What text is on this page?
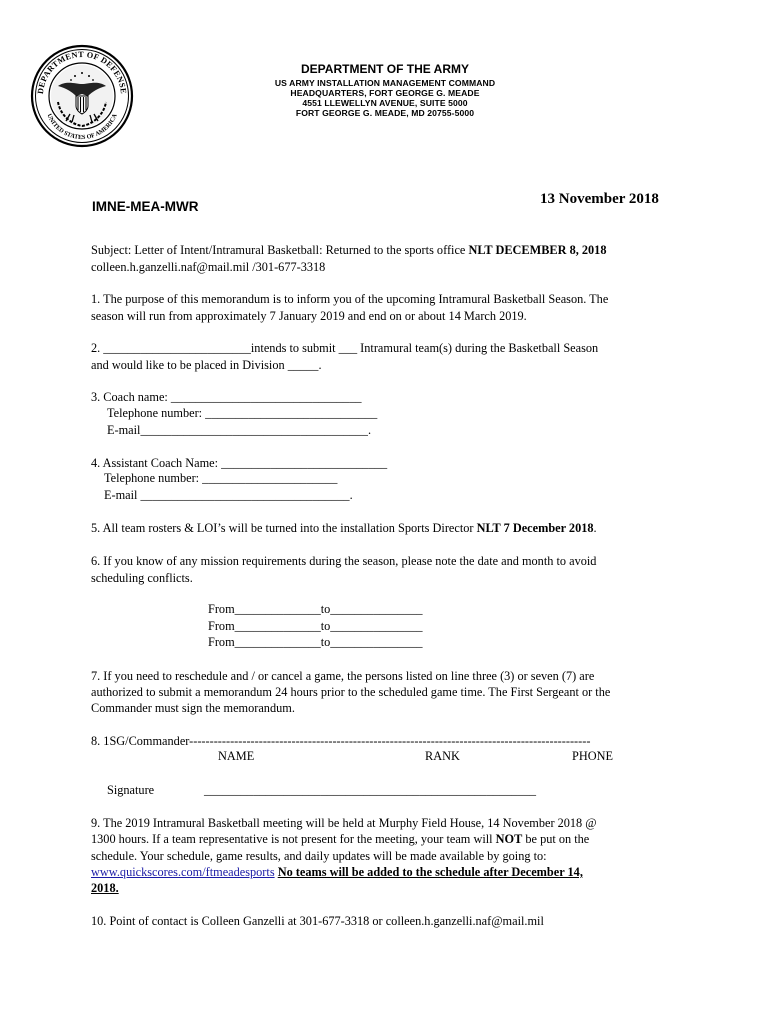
DEPARTMENT OF DEFENSE
UNITED STATES OF AMERICA
DEPARTMENT OF THE ARMY
US ARMY INSTALLATION MANAGEMENT COMMAND
HEADQUARTERS, FORT GEORGE G. MEADE
4551 LLEWELLYN AVENUE, SUITE 5000
FORT GEORGE G. MEADE, MD 20755-5000
IMNE-MEA-MWR	13 November 2018
Subject: Letter of Intent/Intramural Basketball: Returned to the sports office NLT DECEMBER 8, 2018
colleen.h.ganzelli.naf@mail.mil /301-677-3318
1. The purpose of this memorandum is to inform you of the upcoming Intramural Basketball Season. The
season will run from approximately 7 January 2019 and end on or about 14 March 2019.
2. ________________________intends to submit ___ Intramural team(s) during the Basketball Season
and would like to be placed in Division _____.
3. Coach name: _______________________________
Telephone number: ____________________________
E-mail_____________________________________.
4. Assistant Coach Name: ___________________________
Telephone number: ______________________
E-mail __________________________________.
5. All team rosters & LOI’s will be turned into the installation Sports Director NLT 7 December 2018.
6. If you know of any mission requirements during the season, please note the date and month to avoid
scheduling conflicts.
From______________to_______________
From______________to_______________
From______________to_______________
7. If you need to reschedule and / or cancel a game, the persons listed on line three (3) or seven (7) are
authorized to submit a memorandum 24 hours prior to the scheduled game time. The First Sergeant or the
Commander must sign the memorandum.
8. 1SG/Commander--------------------------------------------------------------------------------------------------
NAME	RANK	PHONE
Signature	______________________________________________________
9. The 2019 Intramural Basketball meeting will be held at Murphy Field House, 14 November 2018 @
1300 hours. If a team representative is not present for the meeting, your team will NOT be put on the
schedule. Your schedule, game results, and daily updates will be made available by going to:
www.quickscores.com/ftmeadesports No teams will be added to the schedule after December 14,
2018.
10. Point of contact is Colleen Ganzelli at 301-677-3318 or colleen.h.ganzelli.naf@mail.mil
